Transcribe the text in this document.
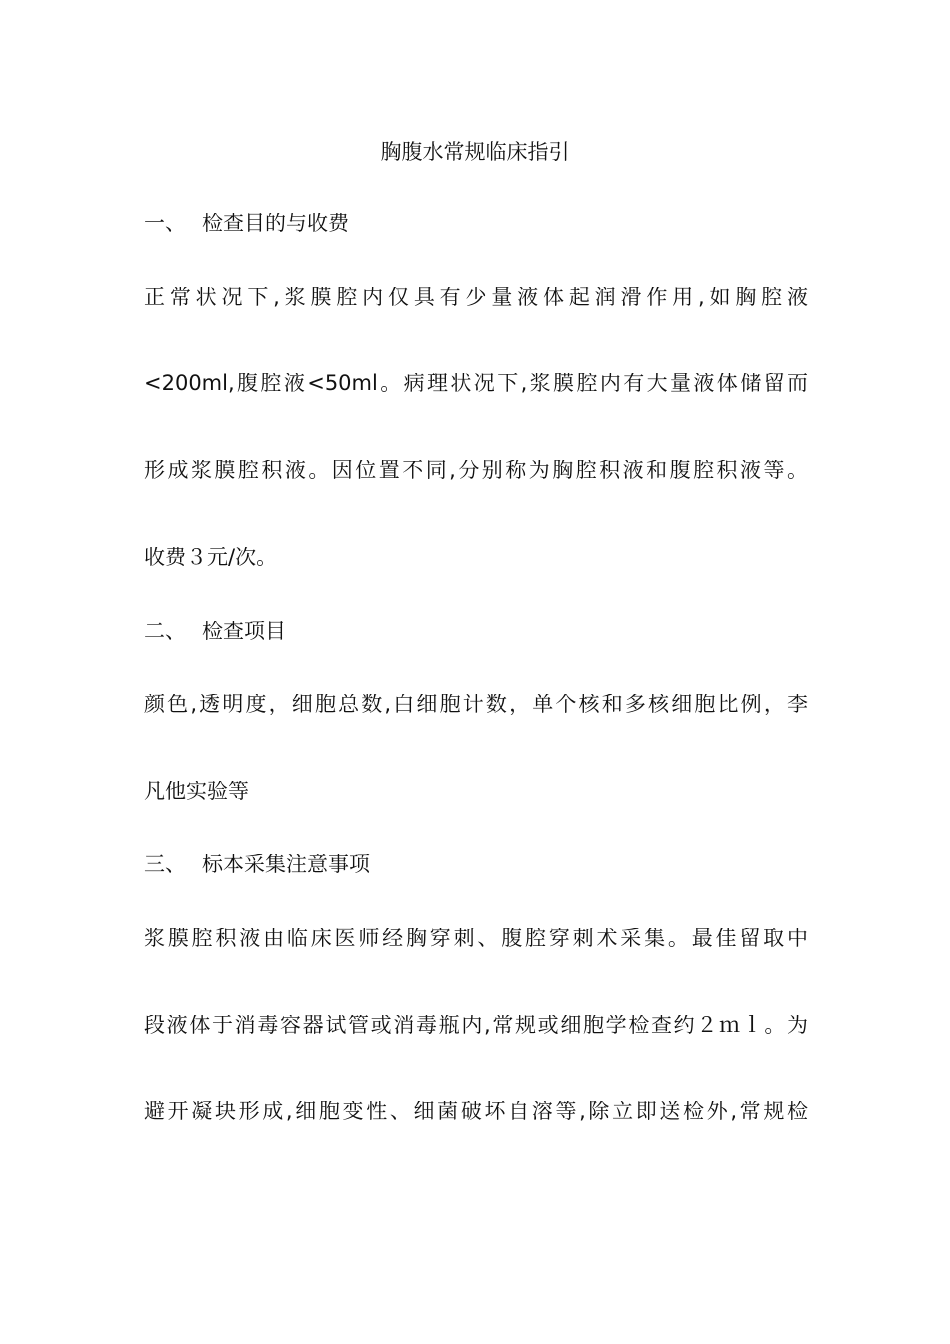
胸腹水常规临床指引
一、 检查目的与收费
正常状况下,浆膜腔内仅具有少量液体起润滑作用,如胸腔液
<200ml,腹腔液<50ml。病理状况下,浆膜腔内有大量液体储留而
形成浆膜腔积液。因位置不同,分别称为胸腔积液和腹腔积液等。
收费３元/次。
二、 检查项目
颜色,透明度，细胞总数,白细胞计数，单个核和多核细胞比例，李
凡他实验等
三、 标本采集注意事项
浆膜腔积液由临床医师经胸穿刺、腹腔穿刺术采集。最佳留取中
段液体于消毒容器试管或消毒瓶内,常规或细胞学检查约２ｍｌ。为
避开凝块形成,细胞变性、细菌破坏自溶等,除立即送检外,常规检
